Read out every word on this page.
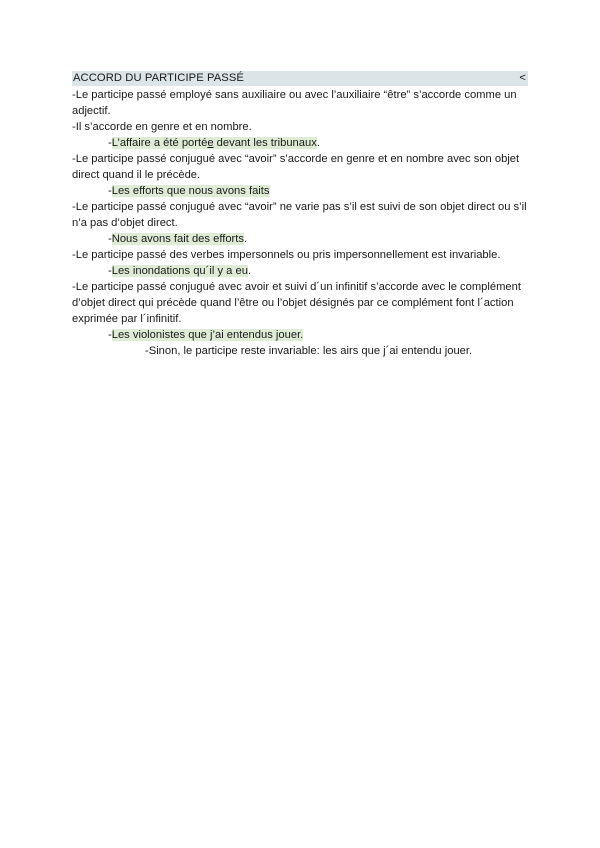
ACCORD DU PARTICIPE PASSÉ	<

-Le participe passé employé sans auxiliaire ou avec l’auxiliaire “être” s’accorde comme un adjectif.

-Il s’accorde en genre et en nombre.

-L’affaire a été portée devant les tribunaux.

-Le participe passé conjugué avec “avoir” s’accorde en genre et en nombre avec son objet direct quand il le précède.

-Les efforts que nous avons faits

-Le participe passé conjugué avec “avoir” ne varie pas s’il est suivi de son objet direct ou s’il n’a pas d’objet direct.

-Nous avons fait des efforts.

-Le participe passé des verbes impersonnels ou pris impersonnellement est invariable.

-Les inondations qu´il y a eu.

-Le participe passé conjugué avec avoir et suivi d´un infinitif s’accorde avec le complément d’objet direct qui précède quand l’être ou l’objet désignés par ce complément font l´action exprimée par l´infinitif.

-Les violonistes que j’ai entendus jouer.

-Sinon, le participe reste invariable: les airs que j´ai entendu jouer.
